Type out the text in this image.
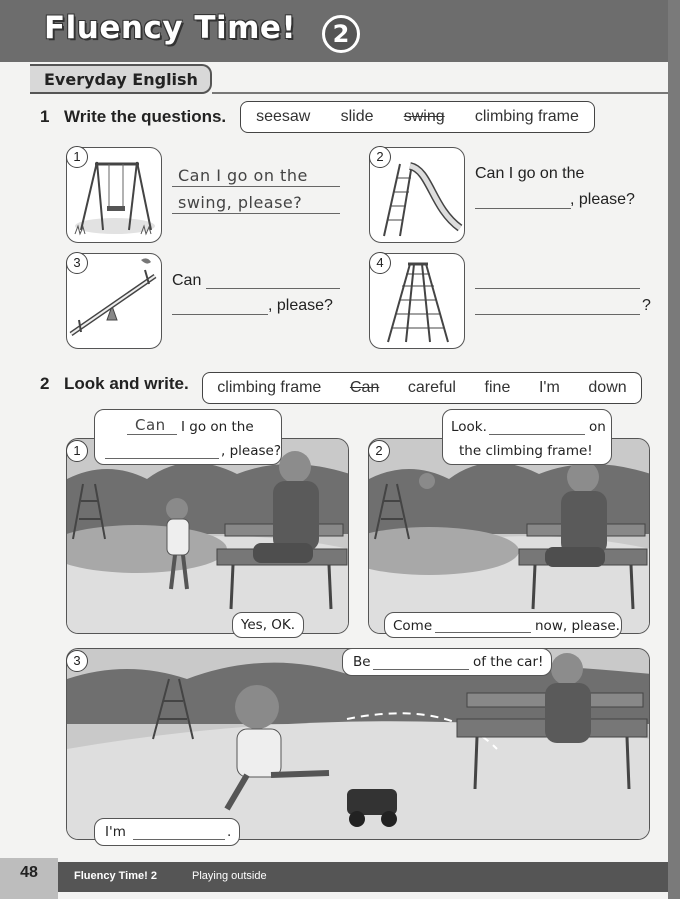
Fluency Time!	2
Everyday English
1 Write the questions. seesaw slide swing climbing frame
1
Can I go on the
swing, please?
2
Can I go on the
, please?
3
Can
, please?
4
?
2 Look and write. climbing frame Can careful fine I'm down
1
Can I go on the
, please?
Yes, OK.
2
Look.	on
the climbing frame!
Come	now, please.
3	Be	of the car!
I'm	.
48	Fluency Time! 2	Playing outside
